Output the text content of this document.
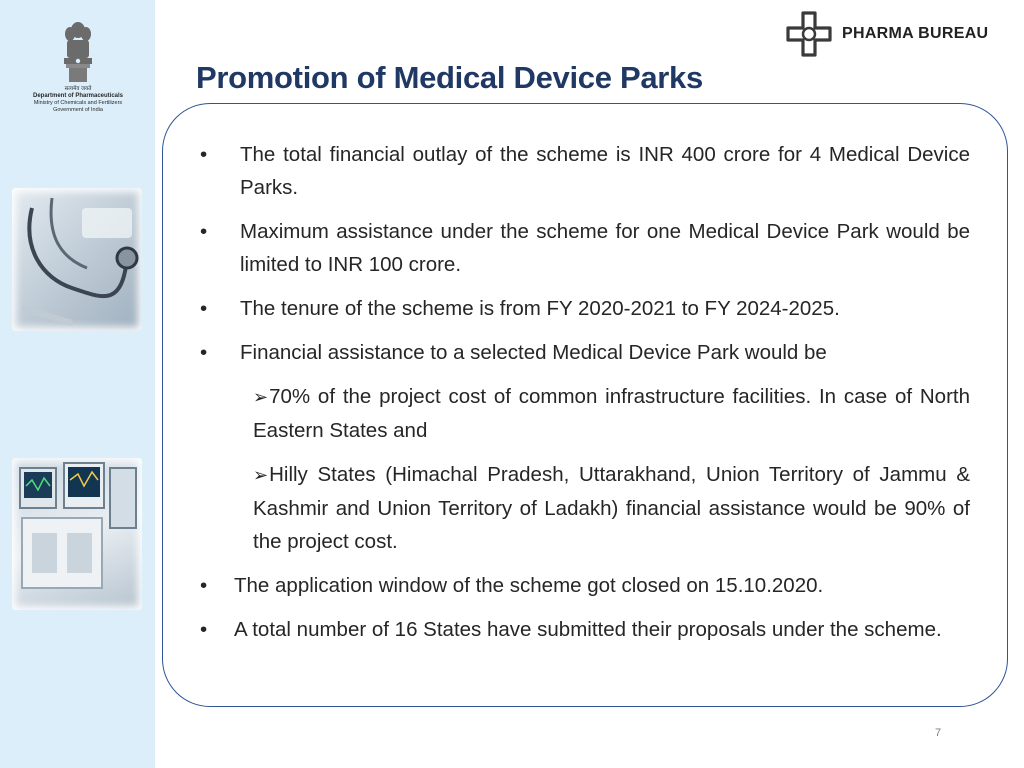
सत्यमेव जयते
Department of Pharmaceuticals
Ministry of Chemicals and Fertilizers
Government of India
PHARMA BUREAU
Promotion of Medical Device Parks
• The total financial outlay of the scheme is INR 400 crore for 4 Medical Device Parks.
• Maximum assistance under the scheme for one Medical Device Park would be limited to INR 100 crore.
• The tenure of the scheme is from FY 2020-2021 to FY 2024-2025.
• Financial assistance to a selected Medical Device Park would be
➢70% of the project cost of common infrastructure facilities. In case of North Eastern States and
➢Hilly States (Himachal Pradesh, Uttarakhand, Union Territory of Jammu & Kashmir and Union Territory of Ladakh) financial assistance would be 90% of the project cost.
• The application window of the scheme got closed on 15.10.2020.
• A total number of 16 States have submitted their proposals under the scheme.
7
